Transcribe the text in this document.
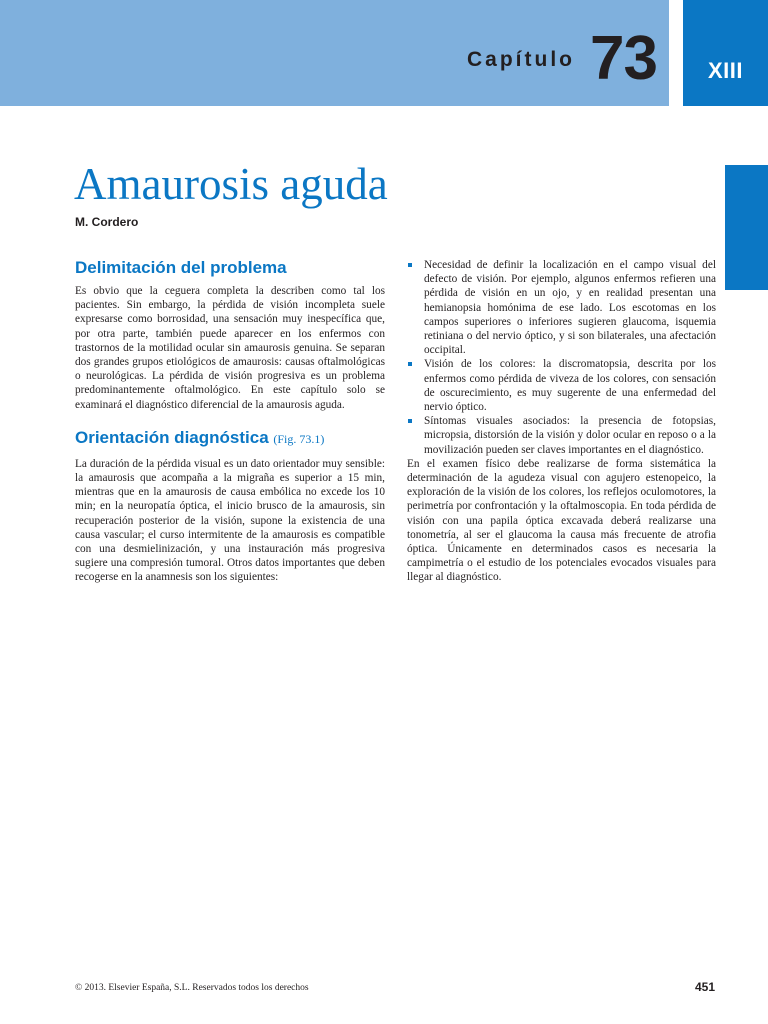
Capítulo 73	XIII
Amaurosis aguda
M. Cordero
Delimitación del problema

Es obvio que la ceguera completa la describen como tal los pacientes. Sin embargo, la pérdida de visión incompleta suele expresarse como borrosidad, una sensación muy inespecífica que, por otra parte, también puede aparecer en los enfermos con trastornos de la motilidad ocular sin amaurosis genuina. Se separan dos grandes grupos etiológicos de amaurosis: causas oftalmológicas o neurológicas. La pérdida de visión progresiva es un problema predominantemente oftalmológico. En este capítulo solo se examinará el diagnóstico diferencial de la amaurosis aguda.

Orientación diagnóstica (Fig. 73.1)

La duración de la pérdida visual es un dato orientador muy sensible: la amaurosis que acompaña a la migraña es superior a 15 min, mientras que en la amaurosis de causa embólica no excede los 10 min; en la neuropatía óptica, el inicio brusco de la amaurosis, sin recuperación posterior de la visión, supone la existencia de una causa vascular; el curso intermitente de la amaurosis es compatible con una desmielinización, y una instauración más progresiva sugiere una compresión tumoral. Otros datos importantes que deben recogerse en la anamnesis son los siguientes:

Necesidad de definir la localización en el campo visual del defecto de visión. Por ejemplo, algunos enfermos refieren una pérdida de visión en un ojo, y en realidad presentan una hemianopsia homónima de ese lado. Los escotomas en los campos superiores o inferiores sugieren glaucoma, isquemia retiniana o del nervio óptico, y si son bilaterales, una afectación occipital.

Visión de los colores: la discromatopsia, descrita por los enfermos como pérdida de viveza de los colores, con sensación de oscurecimiento, es muy sugerente de una enfermedad del nervio óptico.

Síntomas visuales asociados: la presencia de fotopsias, micropsia, distorsión de la visión y dolor ocular en reposo o a la movilización pueden ser claves importantes en el diagnóstico.

En el examen físico debe realizarse de forma sistemática la determinación de la agudeza visual con agujero estenopeico, la exploración de la visión de los colores, los reflejos oculomotores, la perimetría por confrontación y la oftalmoscopia. En toda pérdida de visión con una papila óptica excavada deberá realizarse una tonometría, al ser el glaucoma la causa más frecuente de atrofia óptica. Únicamente en determinados casos es necesaria la campimetría o el estudio de los potenciales evocados visuales para llegar al diagnóstico.

© 2013. Elsevier España, S.L. Reservados todos los derechos	451
